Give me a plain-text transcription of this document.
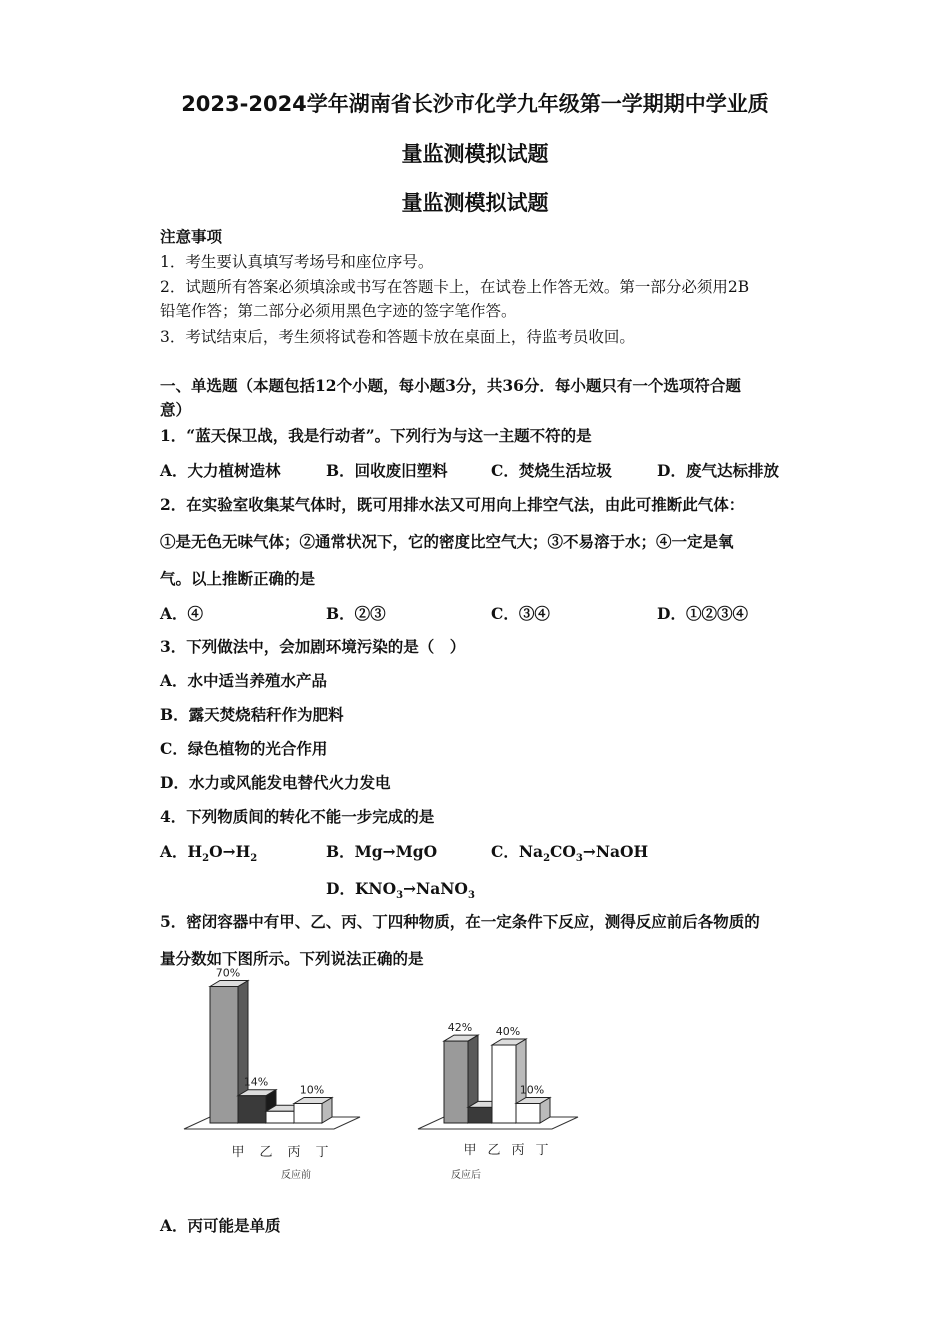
2023-2024学年湖南省长沙市化学九年级第一学期期中学业质
量监测模拟试题
量监测模拟试题
注意事项
1．考生要认真填写考场号和座位序号。
2．试题所有答案必须填涂或书写在答题卡上，在试卷上作答无效。第一部分必须用2B
铅笔作答；第二部分必须用黑色字迹的签字笔作答。
3．考试结束后，考生须将试卷和答题卡放在桌面上，待监考员收回。
一、单选题（本题包括12个小题，每小题3分，共36分．每小题只有一个选项符合题
意）
1．“蓝天保卫战，我是行动者”。下列行为与这一主题不符的是
A．大力植树造林	B．回收废旧塑料	C．焚烧生活垃圾	D．废气达标排放
2．在实验室收集某气体时，既可用排水法又可用向上排空气法，由此可推断此气体：
①是无色无味气体；②通常状况下，它的密度比空气大；③不易溶于水；④一定是氧
气。以上推断正确的是
A．④	B．②③	C．③④	D．①②③④
3．下列做法中，会加剧环境污染的是（　）
A．水中适当养殖水产品
B．露天焚烧秸秆作为肥料
C．绿色植物的光合作用
D．水力或风能发电替代火力发电
4．下列物质间的转化不能一步完成的是
A．$H_2O\to H_2$	B．Mg→MgO	C．$Na_2CO_3\to NaOH$
D．$KNO_3\to NaNO_3$
5．密闭容器中有甲、乙、丙、丁四种物质，在一定条件下反应，测得反应前后各物质的
量分数如下图所示。下列说法正确的是
70%
甲
14%
乙 丙
10%
丁
反应前
42%
甲 乙
40%
丙
10%
丁
反应后
A．丙可能是单质
